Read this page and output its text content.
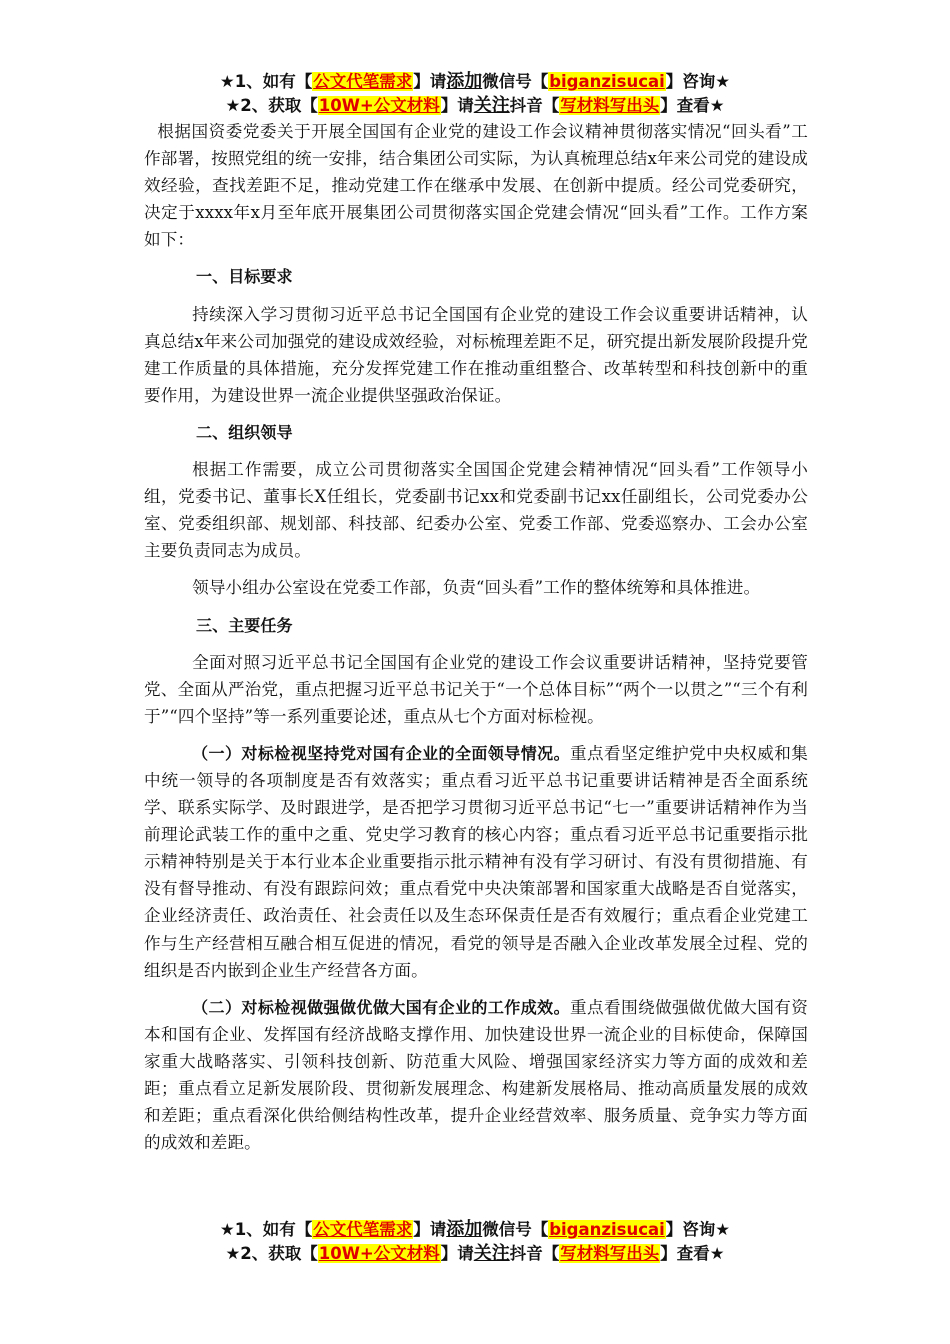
★1、如有【公文代笔需求】请添加微信号【biganzisucai】咨询★
★2、获取【10W+公文材料】请关注抖音【写材料写出头】查看★

根据国资委党委关于开展全国国有企业党的建设工作会议精神贯彻落实情况“回头看”工作部署，按照党组的统一安排，结合集团公司实际，为认真梳理总结x年来公司党的建设成效经验，查找差距不足，推动党建工作在继承中发展、在创新中提质。经公司党委研究，决定于xxxx年x月至年底开展集团公司贯彻落实国企党建会情况“回头看”工作。工作方案如下：

一、目标要求

持续深入学习贯彻习近平总书记全国国有企业党的建设工作会议重要讲话精神，认真总结x年来公司加强党的建设成效经验，对标梳理差距不足，研究提出新发展阶段提升党建工作质量的具体措施，充分发挥党建工作在推动重组整合、改革转型和科技创新中的重要作用，为建设世界一流企业提供坚强政治保证。

二、组织领导

根据工作需要，成立公司贯彻落实全国国企党建会精神情况“回头看”工作领导小组，党委书记、董事长X任组长，党委副书记xx和党委副书记xx任副组长，公司党委办公室、党委组织部、规划部、科技部、纪委办公室、党委工作部、党委巡察办、工会办公室主要负责同志为成员。

领导小组办公室设在党委工作部，负责“回头看”工作的整体统筹和具体推进。

三、主要任务

全面对照习近平总书记全国国有企业党的建设工作会议重要讲话精神，坚持党要管党、全面从严治党，重点把握习近平总书记关于“一个总体目标”“两个一以贯之”“三个有利于”“四个坚持”等一系列重要论述，重点从七个方面对标检视。

（一）对标检视坚持党对国有企业的全面领导情况。重点看坚定维护党中央权威和集中统一领导的各项制度是否有效落实；重点看习近平总书记重要讲话精神是否全面系统学、联系实际学、及时跟进学，是否把学习贯彻习近平总书记“七一”重要讲话精神作为当前理论武装工作的重中之重、党史学习教育的核心内容；重点看习近平总书记重要指示批示精神特别是关于本行业本企业重要指示批示精神有没有学习研讨、有没有贯彻措施、有没有督导推动、有没有跟踪问效；重点看党中央决策部署和国家重大战略是否自觉落实，企业经济责任、政治责任、社会责任以及生态环保责任是否有效履行；重点看企业党建工作与生产经营相互融合相互促进的情况，看党的领导是否融入企业改革发展全过程、党的组织是否内嵌到企业生产经营各方面。

（二）对标检视做强做优做大国有企业的工作成效。重点看围绕做强做优做大国有资本和国有企业、发挥国有经济战略支撑作用、加快建设世界一流企业的目标使命，保障国家重大战略落实、引领科技创新、防范重大风险、增强国家经济实力等方面的成效和差距；重点看立足新发展阶段、贯彻新发展理念、构建新发展格局、推动高质量发展的成效和差距；重点看深化供给侧结构性改革，提升企业经营效率、服务质量、竞争实力等方面的成效和差距。

★1、如有【公文代笔需求】请添加微信号【biganzisucai】咨询★
★2、获取【10W+公文材料】请关注抖音【写材料写出头】查看★
